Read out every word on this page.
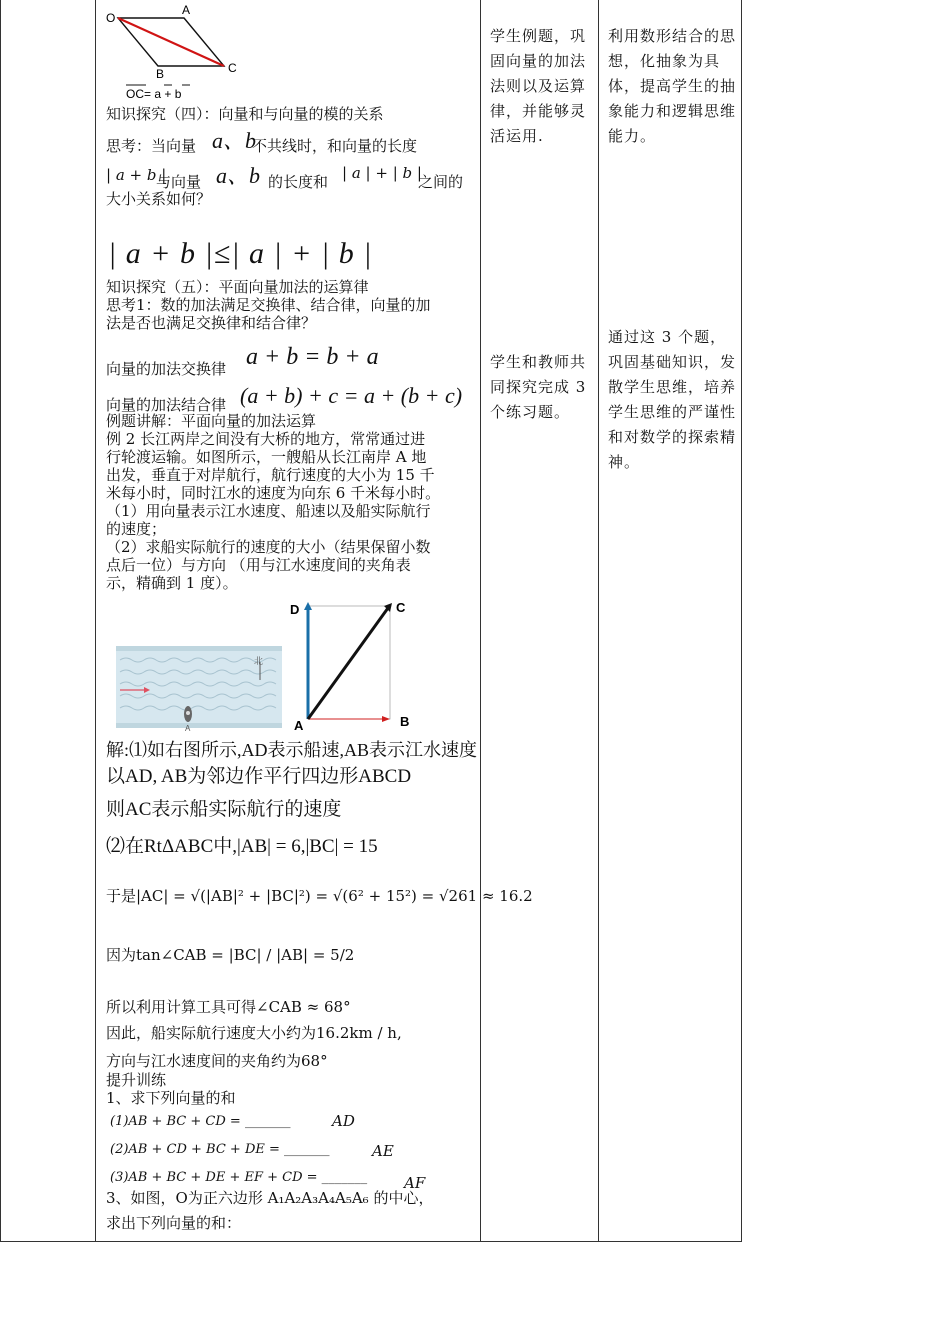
O
A
B	C
OC= a + b
知识探究（四）：向量和与向量的模的关系
思考：当向量 a、b
不共线时，和向量的长度
| a + b |
与向量 a、b 的长度和 | a | + | b |
之间的
大小关系如何？
| a + b |≤| a | + | b |
知识探究（五）：平面向量加法的运算律
思考1：数的加法满足交换律、结合律，向量的加
法是否也满足交换律和结合律？
向量的加法交换律 a + b = b + a
向量的加法结合律 (a + b) + c = a + (b + c)
例题讲解：平面向量的加法运算
例 2 长江两岸之间没有大桥的地方，常常通过进
行轮渡运输。如图所示，一艘船从长江南岸 A 地
出发，垂直于对岸航行，航行速度的大小为 15 千
米每小时，同时江水的速度为向东 6 千米每小时。
（1）用向量表示江水速度、船速以及船实际航行
的速度；
（2）求船实际航行的速度的大小（结果保留小数
点后一位）与方向 （用与江水速度间的夹角表
示，精确到 1 度）。
北
A
D	C
A	B
解:⑴如右图所示,AD表示船速,AB表示江水速度
以AD, AB为邻边作平行四边形ABCD
则AC表示船实际航行的速度
⑵在RtΔABC中,|AB| = 6,|BC| = 15
于是|AC| = √(|AB|² + |BC|²) = √(6² + 15²) = √261 ≈ 16.2
因为tan∠CAB = |BC| / |AB| = 5/2
所以利用计算工具可得∠CAB ≈ 68°
因此，船实际航行速度大小约为16.2km / h,
方向与江水速度间的夹角约为68°
提升训练
1、求下列向量的和
(1)AB + BC + CD = _______	AD
(2)AB + CD + BC + DE = _______	AE
(3)AB + BC + DE + EF + CD = _______ AF
3、如图，O为正六边形 A₁A₂A₃A₄A₅A₆ 的中心，
求出下列向量的和：
学生例题，巩固向量的加法法则以及运算律，并能够灵活运用.
学生和教师共同探究完成 3 个练习题。
利用数形结合的思想，化抽象为具体，提高学生的抽象能力和逻辑思维能力。
通过这 3 个题，巩固基础知识，发散学生思维，培养学生思维的严谨性和对数学的探索精神。
